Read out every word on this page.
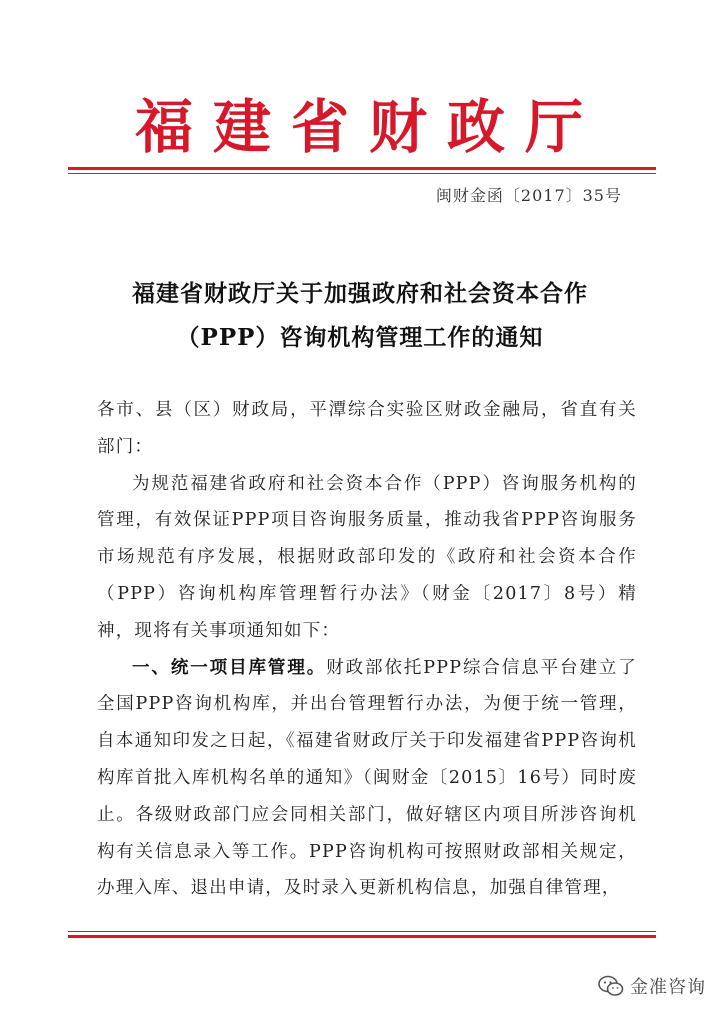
福建省财政厅
闽财金函〔2017〕35号
福建省财政厅关于加强政府和社会资本合作
（PPP）咨询机构管理工作的通知

各市、县（区）财政局，平潭综合实验区财政金融局，省直有关部门：

为规范福建省政府和社会资本合作（PPP）咨询服务机构的管理，有效保证PPP项目咨询服务质量，推动我省PPP咨询服务市场规范有序发展，根据财政部印发的《政府和社会资本合作（PPP）咨询机构库管理暂行办法》（财金〔2017〕8号）精神，现将有关事项通知如下：

一、统一项目库管理。财政部依托PPP综合信息平台建立了全国PPP咨询机构库，并出台管理暂行办法，为便于统一管理，自本通知印发之日起，《福建省财政厅关于印发福建省PPP咨询机构库首批入库机构名单的通知》（闽财金〔2015〕16号）同时废止。各级财政部门应会同相关部门，做好辖区内项目所涉咨询机构有关信息录入等工作。PPP咨询机构可按照财政部相关规定，办理入库、退出申请，及时录入更新机构信息，加强自律管理，

金准咨询
